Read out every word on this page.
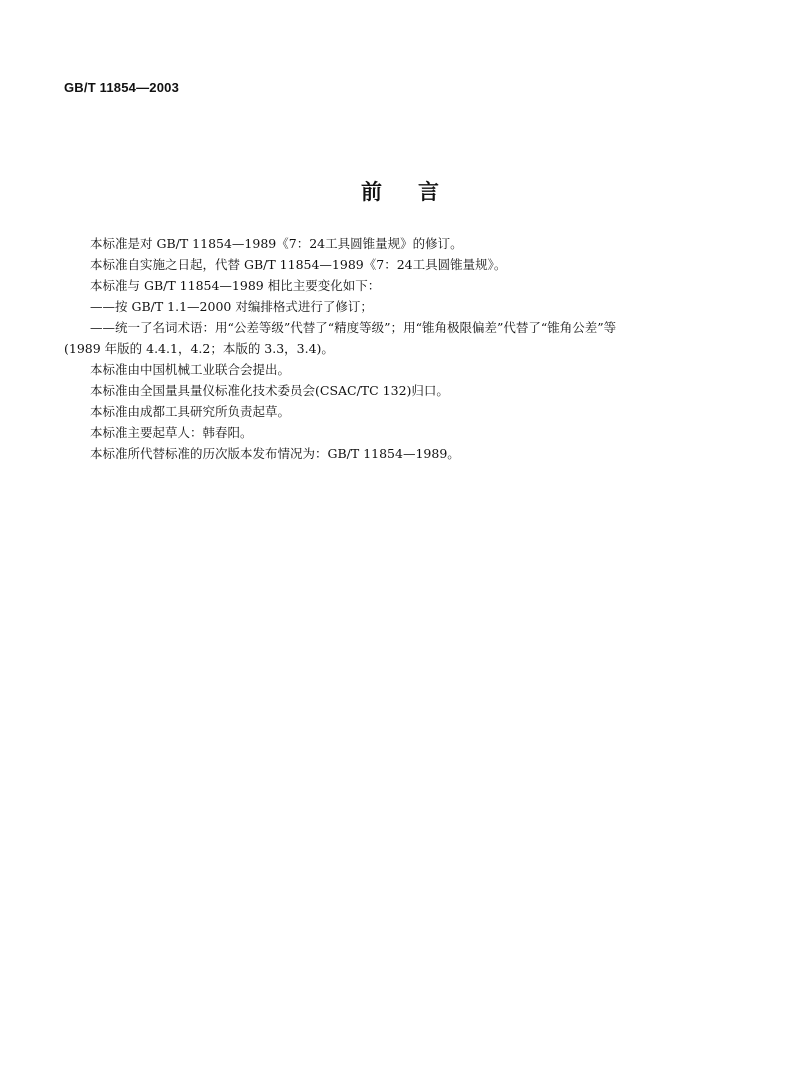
GB/T 11854—2003
前言

本标准是对 GB/T 11854—1989《7：24工具圆锥量规》的修订。

本标准自实施之日起，代替 GB/T 11854—1989《7：24工具圆锥量规》。

本标准与 GB/T 11854—1989 相比主要变化如下：

——按 GB/T 1.1—2000 对编排格式进行了修订；

——统一了名词术语：用“公差等级”代替了“精度等级”；用“锥角极限偏差”代替了“锥角公差”等

(1989 年版的 4.4.1，4.2；本版的 3.3，3.4)。

本标准由中国机械工业联合会提出。

本标准由全国量具量仪标准化技术委员会(CSAC/TC 132)归口。

本标准由成都工具研究所负责起草。

本标准主要起草人：韩春阳。

本标准所代替标准的历次版本发布情况为：GB/T 11854—1989。
